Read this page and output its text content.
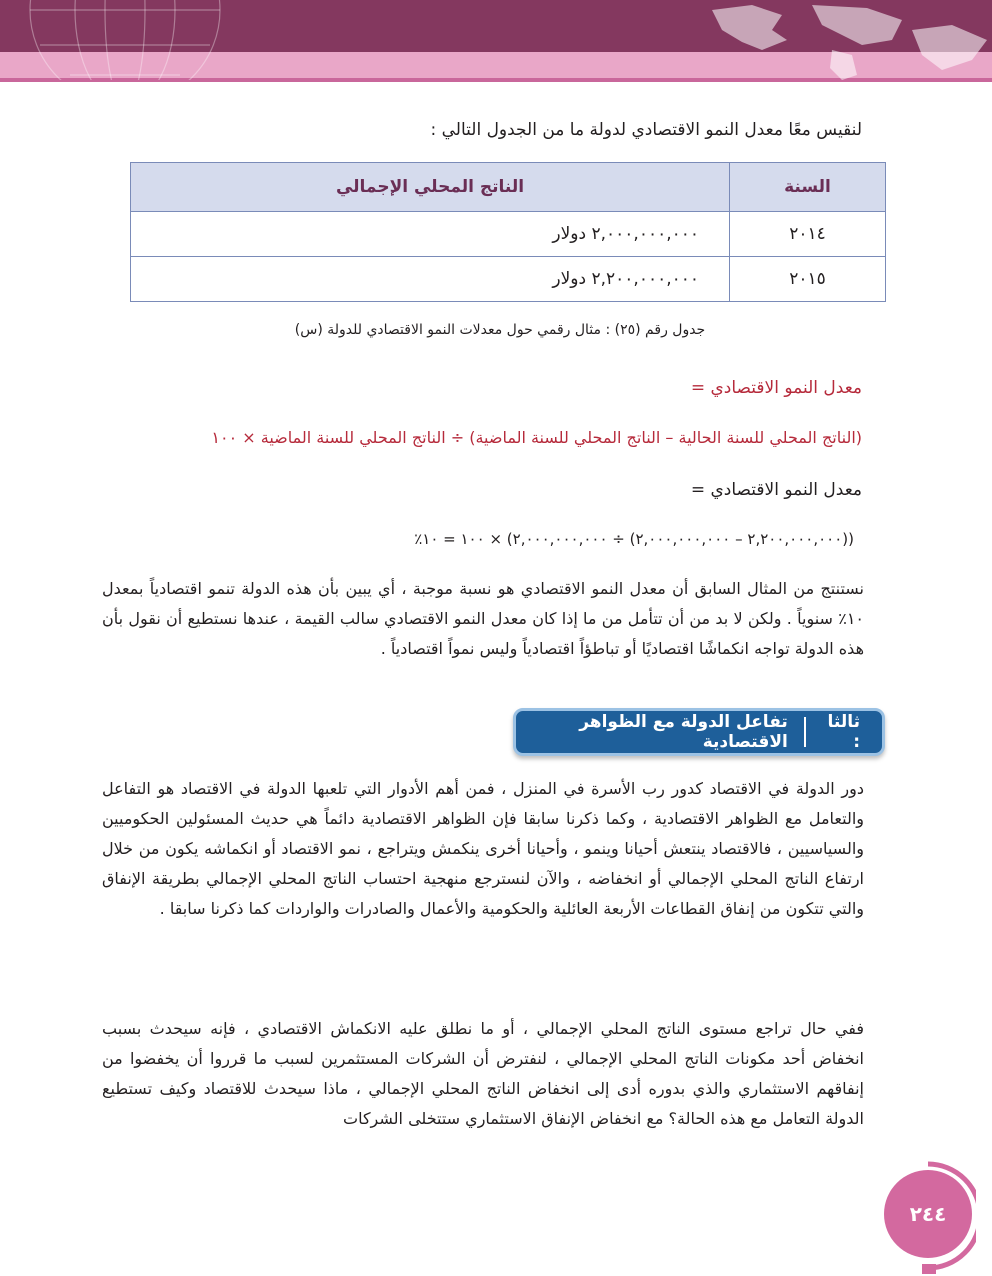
لنقيس معًا معدل النمو الاقتصادي لدولة ما من الجدول التالي :
السنة	الناتج المحلي الإجمالي
٢٠١٤	٢,٠٠٠,٠٠٠,٠٠٠ دولار
٢٠١٥	٢,٢٠٠,٠٠٠,٠٠٠ دولار
جدول رقم (٢٥) : مثال رقمي حول معدلات النمو الاقتصادي للدولة (س)
معدل النمو الاقتصادي =
(الناتج المحلي للسنة الحالية – الناتج المحلي للسنة الماضية) ÷ الناتج المحلي للسنة الماضية × ١٠٠
معدل النمو الاقتصادي =
((٢,٢٠٠,٠٠٠,٠٠٠ – ٢,٠٠٠,٠٠٠,٠٠٠) ÷ ٢,٠٠٠,٠٠٠,٠٠٠) × ١٠٠ = ١٠٪
نستنتج من المثال السابق أن معدل النمو الاقتصادي هو نسبة موجبة ، أي يبين بأن هذه الدولة تنمو اقتصادياً بمعدل ١٠٪ سنوياً . ولكن لا بد من أن تتأمل من ما إذا كان معدل النمو الاقتصادي سالب القيمة ، عندها نستطيع أن نقول بأن هذه الدولة تواجه انكماشًا اقتصاديًا أو تباطؤاً اقتصادياً وليس نمواً اقتصادياً .
ثالثا :
تفاعل الدولة مع الظواهر الاقتصادية
دور الدولة في الاقتصاد كدور رب الأسرة في المنزل ، فمن أهم الأدوار التي تلعبها الدولة في الاقتصاد هو التفاعل والتعامل مع الظواهر الاقتصادية ، وكما ذكرنا سابقا فإن الظواهر الاقتصادية دائماً هي حديث المسئولين الحكوميين والسياسيين ، فالاقتصاد ينتعش أحيانا وينمو ، وأحيانا أخرى ينكمش ويتراجع ، نمو الاقتصاد أو انكماشه يكون من خلال ارتفاع الناتج المحلي الإجمالي أو انخفاضه ، والآن لنسترجع منهجية احتساب الناتج المحلي الإجمالي بطريقة الإنفاق والتي تتكون من إنفاق القطاعات الأربعة العائلية والحكومية والأعمال والصادرات والواردات كما ذكرنا سابقا .
ففي حال تراجع مستوى الناتج المحلي الإجمالي ، أو ما نطلق عليه الانكماش الاقتصادي ، فإنه سيحدث بسبب انخفاض أحد مكونات الناتج المحلي الإجمالي ، لنفترض أن الشركات المستثمرين لسبب ما قرروا أن يخفضوا من إنفاقهم الاستثماري والذي بدوره أدى إلى انخفاض الناتج المحلي الإجمالي ، ماذا سيحدث للاقتصاد وكيف تستطيع الدولة التعامل مع هذه الحالة؟ مع انخفاض الإنفاق الاستثماري ستتخلى الشركات
٢٤٤
